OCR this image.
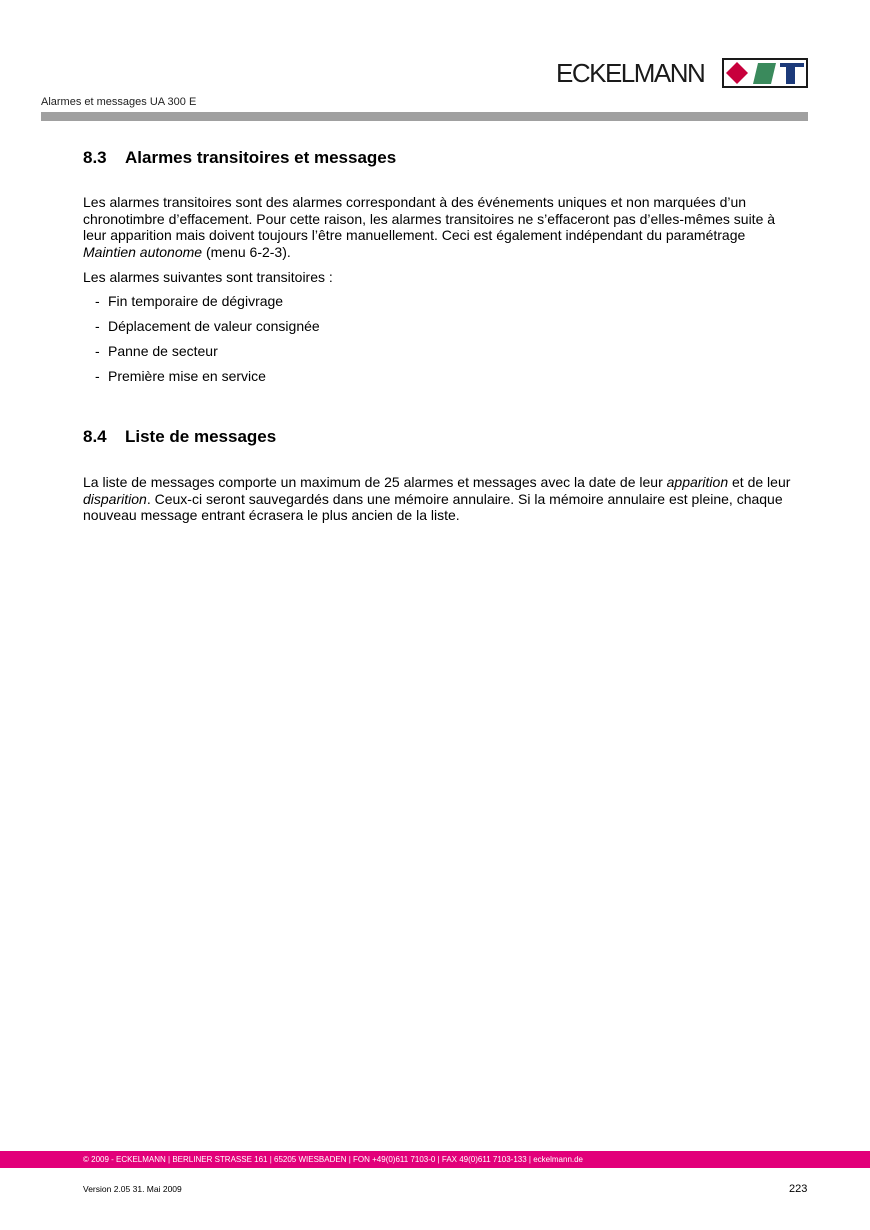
ECKELMANN
Alarmes et messages UA 300 E
8.3 Alarmes transitoires et messages

Les alarmes transitoires sont des alarmes correspondant à des événements uniques et non marquées d’un chronotimbre d’effacement. Pour cette raison, les alarmes transitoires ne s’effaceront pas d’elles-mêmes suite à leur apparition mais doivent toujours l’être manuellement. Ceci est également indépendant du paramétrage Maintien autonome (menu 6-2-3).

Les alarmes suivantes sont transitoires :

- Fin temporaire de dégivrage
- Déplacement de valeur consignée
- Panne de secteur
- Première mise en service
8.4 Liste de messages

La liste de messages comporte un maximum de 25 alarmes et messages avec la date de leur apparition et de leur disparition. Ceux-ci seront sauvegardés dans une mémoire annulaire. Si la mémoire annulaire est pleine, chaque nouveau message entrant écrasera le plus ancien de la liste.

© 2009 - ECKELMANN | BERLINER STRASSE 161 | 65205 WIESBADEN | FON +49(0)611 7103-0 | FAX 49(0)611 7103-133 | eckelmann.de
Version 2.05 31. Mai 2009	223
